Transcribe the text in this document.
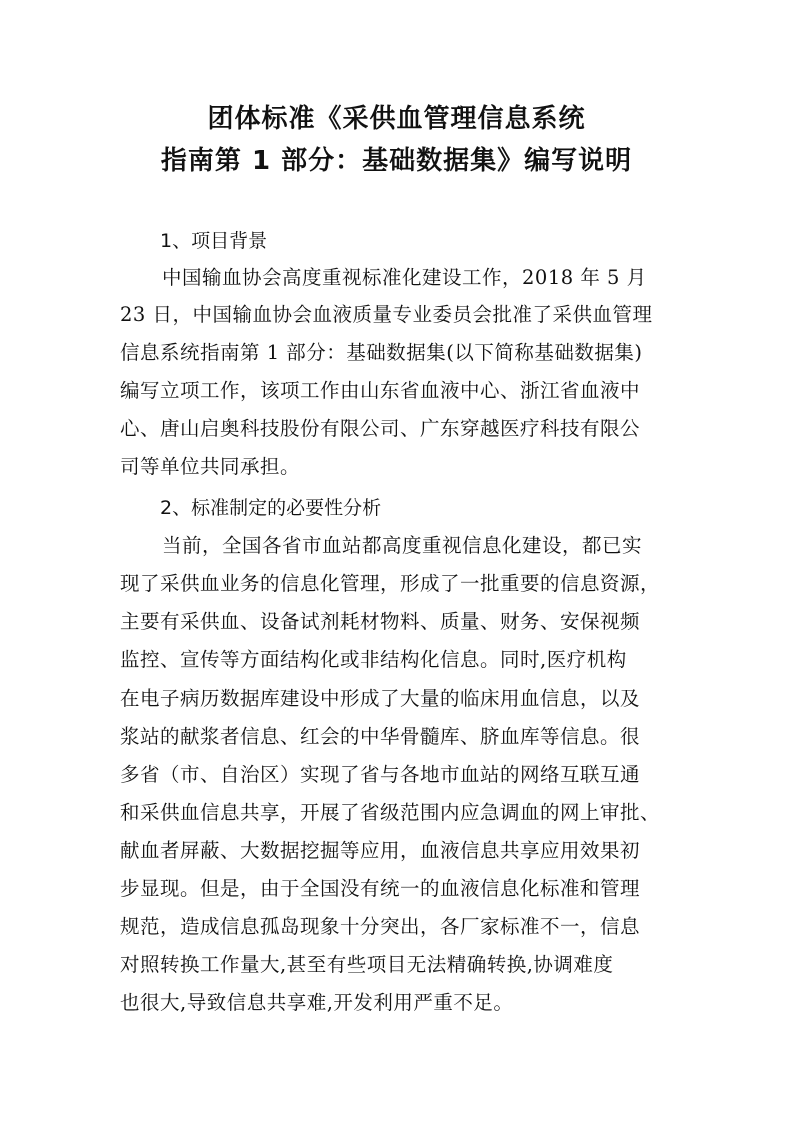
团体标准《采供血管理信息系统
指南第 1 部分：基础数据集》编写说明
1、项目背景
中国输血协会高度重视标准化建设工作，2018 年 5 月
23 日，中国输血协会血液质量专业委员会批准了采供血管理
信息系统指南第 1 部分：基础数据集(以下简称基础数据集)
编写立项工作，该项工作由山东省血液中心、浙江省血液中
心、唐山启奥科技股份有限公司、广东穿越医疗科技有限公
司等单位共同承担。
2、标准制定的必要性分析
当前，全国各省市血站都高度重视信息化建设，都已实
现了采供血业务的信息化管理，形成了一批重要的信息资源，
主要有采供血、设备试剂耗材物料、质量、财务、安保视频
监控、宣传等方面结构化或非结构化信息。同时,医疗机构
在电子病历数据库建设中形成了大量的临床用血信息，以及
浆站的献浆者信息、红会的中华骨髓库、脐血库等信息。很
多省（市、自治区）实现了省与各地市血站的网络互联互通
和采供血信息共享，开展了省级范围内应急调血的网上审批、
献血者屏蔽、大数据挖掘等应用，血液信息共享应用效果初
步显现。但是，由于全国没有统一的血液信息化标准和管理
规范，造成信息孤岛现象十分突出，各厂家标准不一，信息
对照转换工作量大,甚至有些项目无法精确转换,协调难度
也很大,导致信息共享难,开发利用严重不足。
